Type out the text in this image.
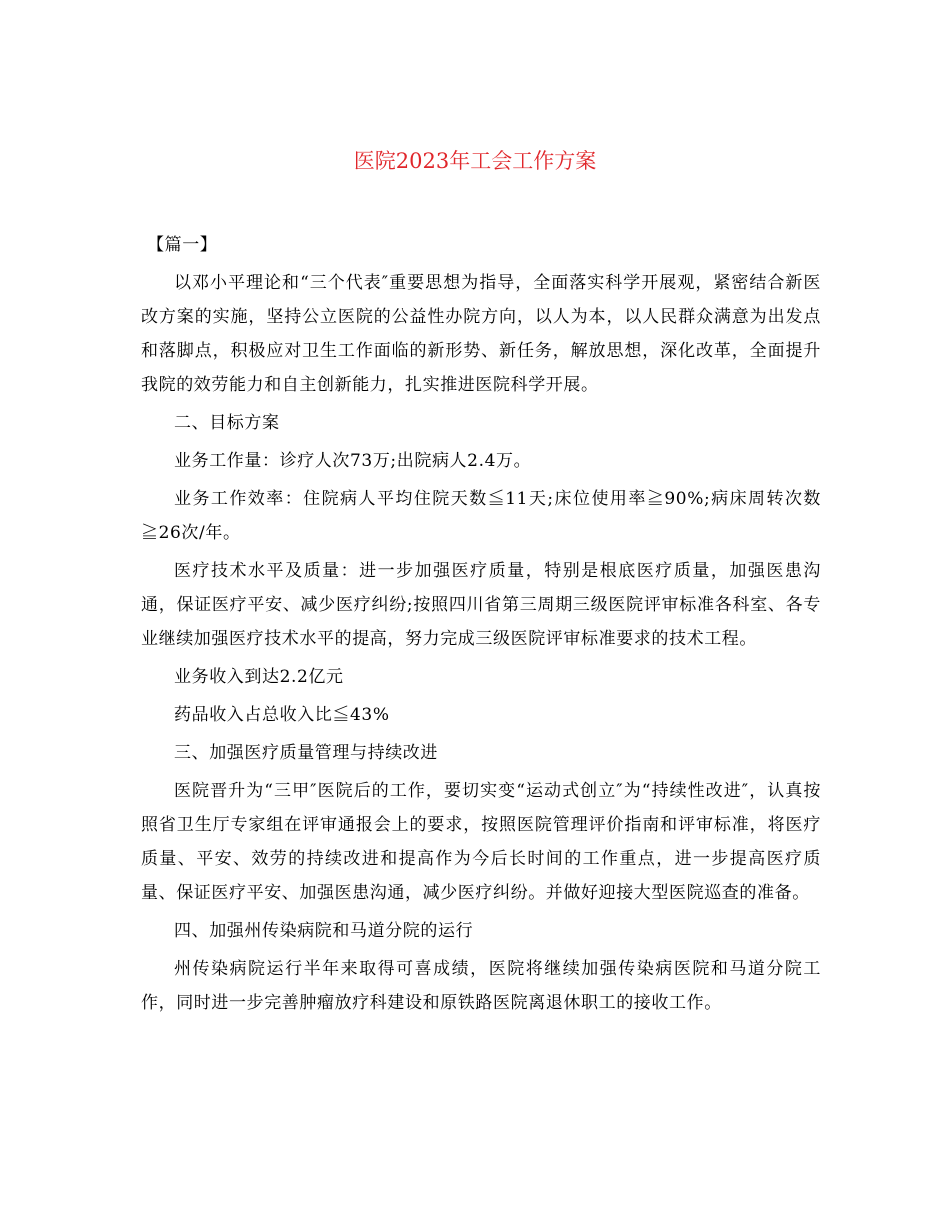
医院2023年工会工作方案
【篇一】

以邓小平理论和“三个代表″重要思想为指导，全面落实科学开展观，紧密结合新医改方案的实施，坚持公立医院的公益性办院方向，以人为本，以人民群众满意为出发点和落脚点，积极应对卫生工作面临的新形势、新任务，解放思想，深化改革，全面提升我院的效劳能力和自主创新能力，扎实推进医院科学开展。

二、目标方案

业务工作量：诊疗人次73万;出院病人2.4万。

业务工作效率：住院病人平均住院天数≦11天;床位使用率≧90%;病床周转次数≧26次/年。

医疗技术水平及质量：进一步加强医疗质量，特别是根底医疗质量，加强医患沟通，保证医疗平安、减少医疗纠纷;按照四川省第三周期三级医院评审标准各科室、各专业继续加强医疗技术水平的提高，努力完成三级医院评审标准要求的技术工程。

业务收入到达2.2亿元

药品收入占总收入比≦43%

三、加强医疗质量管理与持续改进

医院晋升为“三甲″医院后的工作，要切实变“运动式创立″为“持续性改进″，认真按照省卫生厅专家组在评审通报会上的要求，按照医院管理评价指南和评审标准，将医疗质量、平安、效劳的持续改进和提高作为今后长时间的工作重点，进一步提高医疗质量、保证医疗平安、加强医患沟通，减少医疗纠纷。并做好迎接大型医院巡查的准备。

四、加强州传染病院和马道分院的运行

州传染病院运行半年来取得可喜成绩，医院将继续加强传染病医院和马道分院工作，同时进一步完善肿瘤放疗科建设和原铁路医院离退休职工的接收工作。
